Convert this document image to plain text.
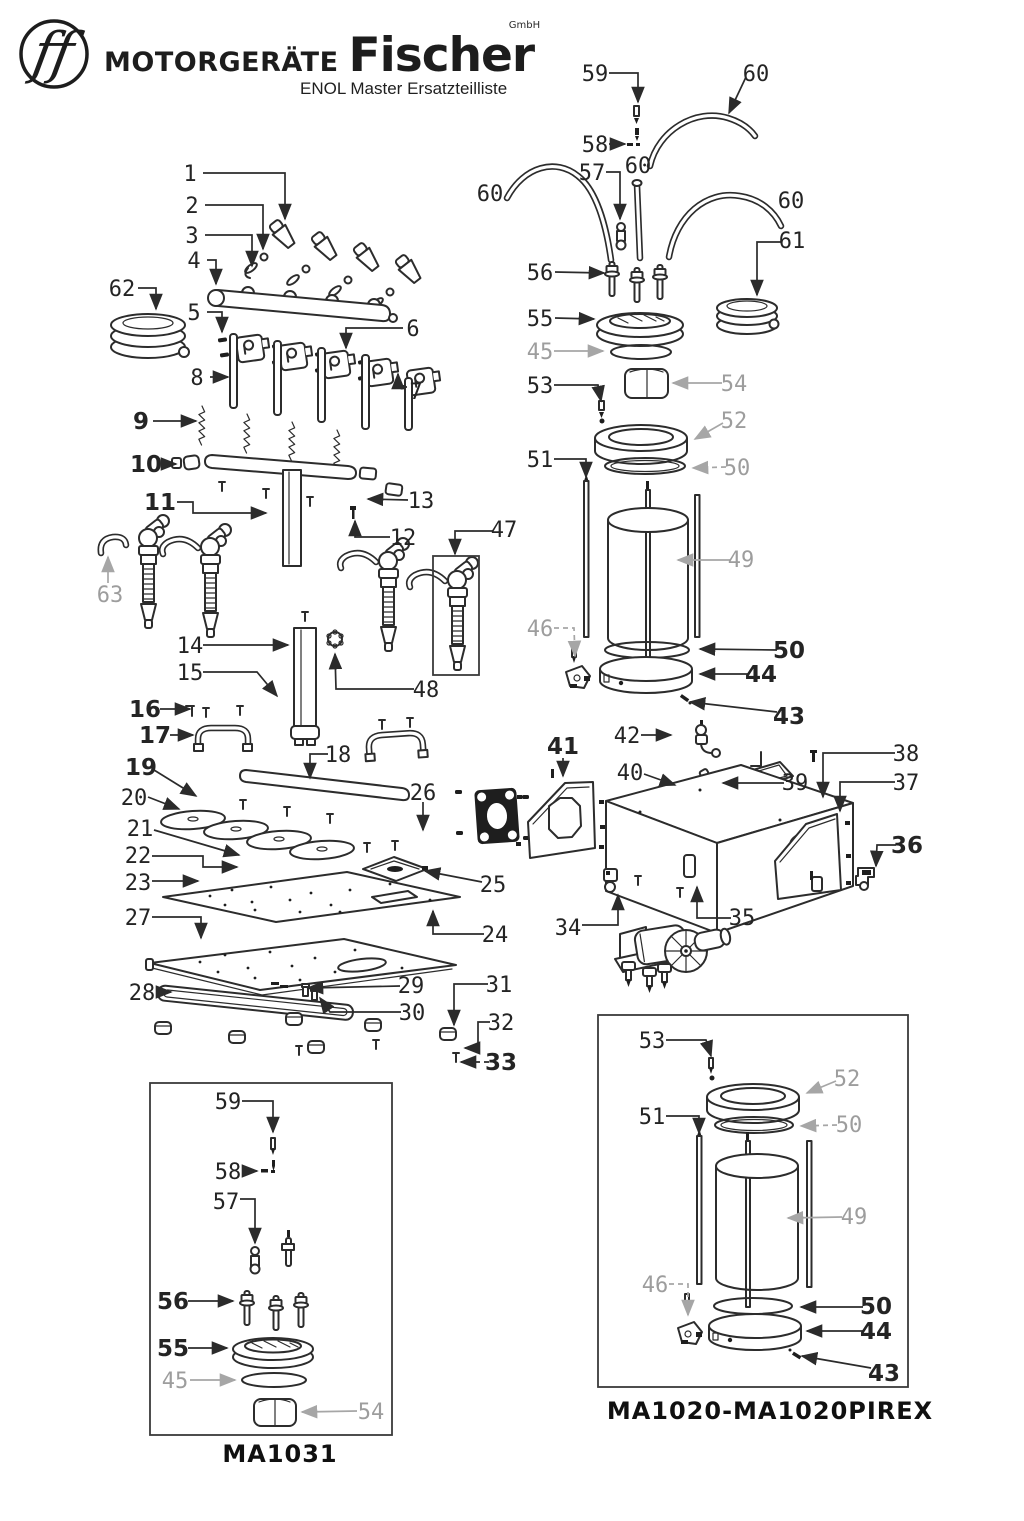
ff MOTORGERÄTE Fischer
GmbH
ENOL Master Ersatzteilliste
MA1031
MA1020-MA1020PIREX
1
2
3
4
5
6
7
8
9
10
11
12
13
14
15
16
17
18
19
20
21
22
23
24
25
26
27
28	29
30
31
32
33
34	35
36
37
38
39
40
41 42
43
44
45
46
47
48
49
50
50
51
52
53	54
55
56
57
58
59	60
60
60	60
61
62
63
59
58
57
56
55
45
54
53
52
51	50
49
46
50
44
43
